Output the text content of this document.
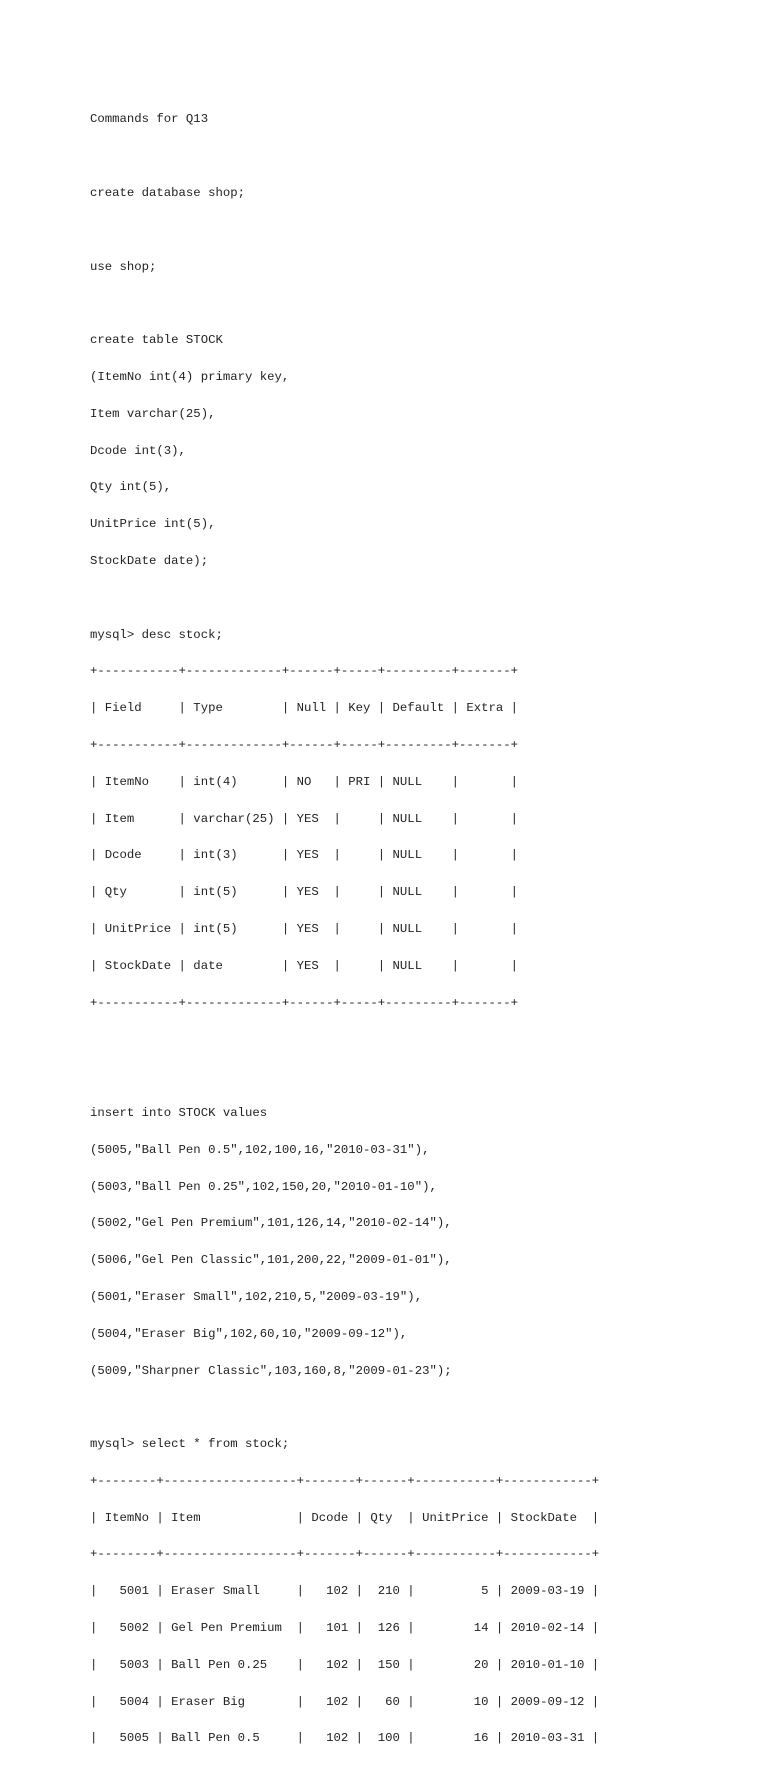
Commands for Q13

create database shop;

use shop;

create table STOCK

(ItemNo int(4) primary key,

Item varchar(25),

Dcode int(3),

Qty int(5),

UnitPrice int(5),

StockDate date);

mysql> desc stock;

+-----------+-------------+------+-----+---------+-------+

| Field     | Type        | Null | Key | Default | Extra |

+-----------+-------------+------+-----+---------+-------+

| ItemNo    | int(4)      | NO   | PRI | NULL    |       |

| Item      | varchar(25) | YES  |     | NULL    |       |

| Dcode     | int(3)      | YES  |     | NULL    |       |

| Qty       | int(5)      | YES  |     | NULL    |       |

| UnitPrice | int(5)      | YES  |     | NULL    |       |

| StockDate | date        | YES  |     | NULL    |       |

+-----------+-------------+------+-----+---------+-------+

insert into STOCK values

(5005,"Ball Pen 0.5",102,100,16,"2010-03-31"),

(5003,"Ball Pen 0.25",102,150,20,"2010-01-10"),

(5002,"Gel Pen Premium",101,126,14,"2010-02-14"),

(5006,"Gel Pen Classic",101,200,22,"2009-01-01"),

(5001,"Eraser Small",102,210,5,"2009-03-19"),

(5004,"Eraser Big",102,60,10,"2009-09-12"),

(5009,"Sharpner Classic",103,160,8,"2009-01-23");

mysql> select * from stock;

+--------+------------------+-------+------+-----------+------------+

| ItemNo | Item             | Dcode | Qty  | UnitPrice | StockDate  |

+--------+------------------+-------+------+-----------+------------+

|   5001 | Eraser Small     |   102 |  210 |         5 | 2009-03-19 |

|   5002 | Gel Pen Premium  |   101 |  126 |        14 | 2010-02-14 |

|   5003 | Ball Pen 0.25    |   102 |  150 |        20 | 2010-01-10 |

|   5004 | Eraser Big       |   102 |   60 |        10 | 2009-09-12 |

|   5005 | Ball Pen 0.5     |   102 |  100 |        16 | 2010-03-31 |
